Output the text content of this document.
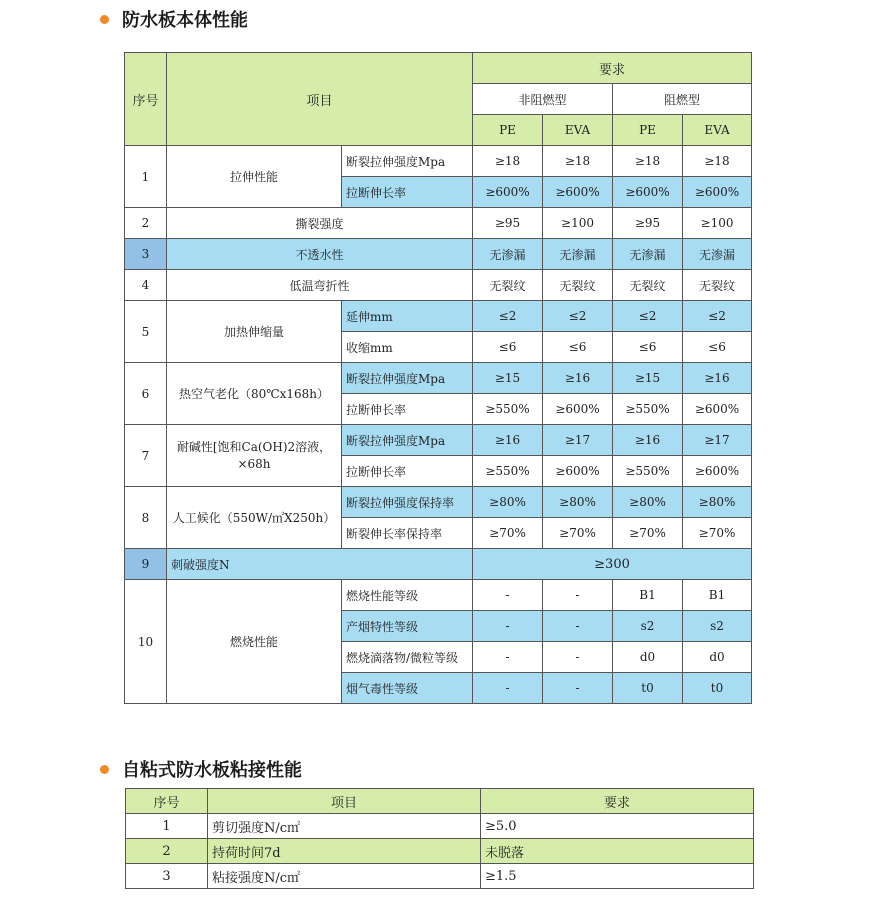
防水板本体性能
序号	项目		要求			
			非阻燃型		阻燃型	
			PE	EVA	PE	EVA
1	拉伸性能	断裂拉伸强度Mpa	≥18	≥18	≥18	≥18
		拉断伸长率	≥600%	≥600%	≥600%	≥600%
2	撕裂强度		≥95	≥100	≥95	≥100
3	不透水性		无渗漏	无渗漏	无渗漏	无渗漏
4	低温弯折性		无裂纹	无裂纹	无裂纹	无裂纹
5	加热伸缩量	延伸mm	≤2	≤2	≤2	≤2
		收缩mm	≤6	≤6	≤6	≤6
6	热空气老化（80℃x168h）	断裂拉伸强度Mpa	≥15	≥16	≥15	≥16
		拉断伸长率	≥550%	≥600%	≥550%	≥600%
7	耐碱性[饱和Ca(OH)2溶液，
×68h	断裂拉伸强度Mpa	≥16	≥17	≥16	≥17
		拉断伸长率	≥550%	≥600%	≥550%	≥600%
8	人工候化（550W/㎡X250h）	断裂拉伸强度保持率	≥80%	≥80%	≥80%	≥80%
		断裂伸长率保持率	≥70%	≥70%	≥70%	≥70%
9	刺破强度N		≥300			
10	燃烧性能	燃烧性能等级	-	-	B1	B1
		产烟特性等级	-	-	s2	s2
		燃烧滴落物/微粒等级	-	-	d0	d0
		烟气毒性等级	-	-	t0	t0
自粘式防水板粘接性能
序号	项目	要求
1	剪切强度N/c㎡	≥5.0
2	持荷时间7d	未脱落
3	粘接强度N/c㎡	≥1.5
